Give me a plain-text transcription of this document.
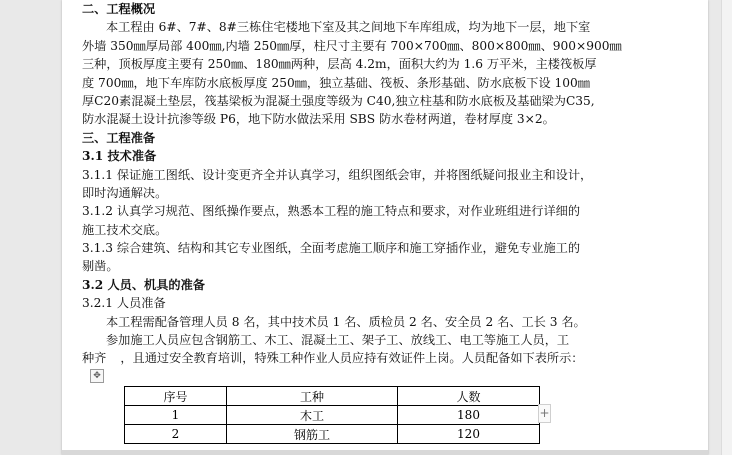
二、工程概况
本工程由 6#、7#、8#三栋住宅楼地下室及其之间地下车库组成，均为地下一层，地下室
外墙 350㎜厚局部 400㎜,内墙 250㎜厚，柱尺寸主要有 700×700㎜、800×800㎜、900×900㎜
三种，顶板厚度主要有 250㎜、180㎜两种，层高 4.2m，面积大约为 1.6 万平米，主楼筏板厚
度 700㎜，地下车库防水底板厚度 250㎜，独立基础、筏板、条形基础、防水底板下设 100㎜
厚C20素混凝土垫层，筏基梁板为混凝土强度等级为 C40,独立柱基和防水底板及基础梁为C35,
防水混凝土设计抗渗等级 P6，地下防水做法采用 SBS 防水卷材两道，卷材厚度 3×2。
三、工程准备
3.1 技术准备
3.1.1 保证施工图纸、设计变更齐全并认真学习，组织图纸会审，并将图纸疑问报业主和设计，
即时沟通解决。
3.1.2 认真学习规范、图纸操作要点，熟悉本工程的施工特点和要求，对作业班组进行详细的
施工技术交底。
3.1.3 综合建筑、结构和其它专业图纸，全面考虑施工顺序和施工穿插作业，避免专业施工的
剔凿。
3.2 人员、机具的准备
3.2.1 人员准备
本工程需配备管理人员 8 名，其中技术员 1 名、质检员 2 名、安全员 2 名、工长 3 名。
参加施工人员应包含钢筋工、木工、混凝土工、架子工、放线工、电工等施工人员，工
种齐 ，且通过安全教育培训，特殊工种作业人员应持有效证件上岗。人员配备如下表所示：
✥
序号	工种	人数
1	木工	180
2	钢筋工	120
+
